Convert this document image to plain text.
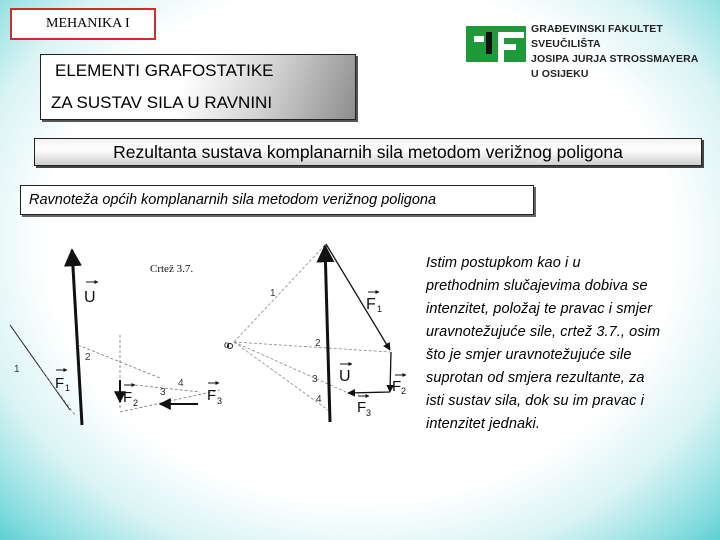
MEHANIKA I
ELEMENTI GRAFOSTATIKE
ZA SUSTAV SILA U RAVNINI
GRAĐEVINSKI FAKULTET
SVEUČILIŠTA
JOSIPA JURJA STROSSMAYERA
U OSIJEKU
Rezultanta sustava komplanarnih sila metodom verižnog poligona
Ravnoteža općih komplanarnih sila metodom verižnog poligona
Crtež 3.7.
1
2
3
4
U
F 1
F 2	F 3
o
1
2
3
4
F 1
U
F 2
F 3
Istim postupkom kao i u
prethodnim slučajevima dobiva se
intenzitet, položaj te pravac i smjer
uravnotežujuće sile, crtež 3.7., osim
što je smjer uravnotežujuće sile
suprotan od smjera rezultante, za
isti sustav sila, dok su im pravac i
intenzitet jednaki.
